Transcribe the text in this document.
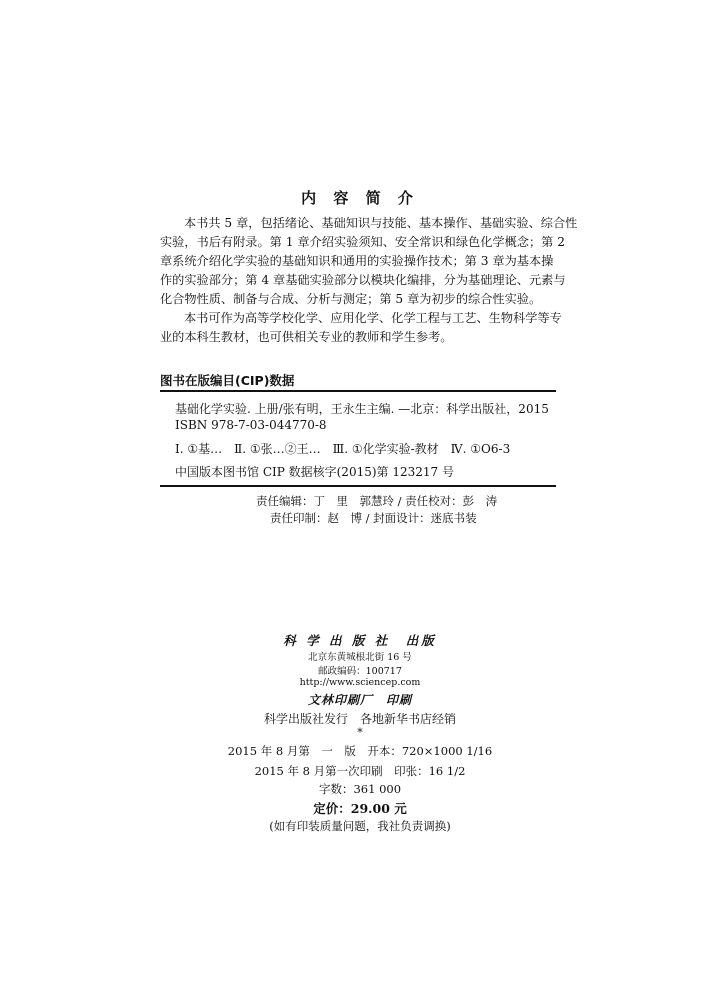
内 容 简 介
本书共 5 章，包括绪论、基础知识与技能、基本操作、基础实验、综合性
实验，书后有附录。第 1 章介绍实验须知、安全常识和绿色化学概念；第 2
章系统介绍化学实验的基础知识和通用的实验操作技术；第 3 章为基本操
作的实验部分；第 4 章基础实验部分以模块化编排，分为基础理论、元素与
化合物性质、制备与合成、分析与测定；第 5 章为初步的综合性实验。
本书可作为高等学校化学、应用化学、化学工程与工艺、生物科学等专
业的本科生教材，也可供相关专业的教师和学生参考。
图书在版编目(CIP)数据
基础化学实验. 上册/张有明，王永生主编. —北京：科学出版社，2015
ISBN 978-7-03-044770-8
Ⅰ. ①基…　Ⅱ. ①张…②王…　Ⅲ. ①化学实验-教材　Ⅳ. ①O6-3
中国版本图书馆 CIP 数据核字(2015)第 123217 号
责任编辑：丁　里　郭慧玲 / 责任校对：彭　涛
责任印制：赵　博 / 封面设计：迷底书装
科 学 出 版 社　出版
北京东黄城根北街 16 号
邮政编码：100717
http://www.sciencep.com
文林印刷厂　印刷
科学出版社发行　各地新华书店经销
*
2015 年 8 月第　一　版　开本：720×1000 1/16
2015 年 8 月第一次印刷　印张：16 1/2
字数：361 000
定价：29.00 元
(如有印装质量问题，我社负责调换)
